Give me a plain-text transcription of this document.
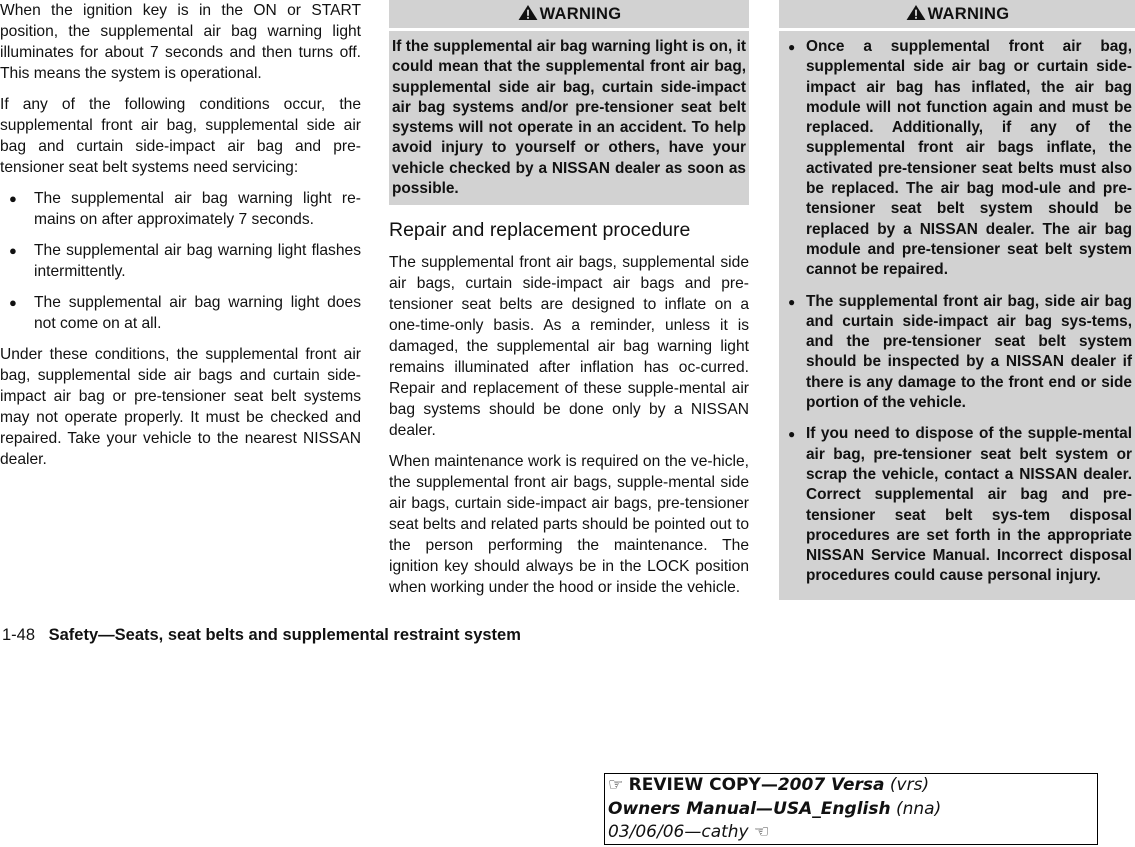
When the ignition key is in the ON or START position, the supplemental air bag warning light illuminates for about 7 seconds and then turns off. This means the system is operational.

If any of the following conditions occur, the supplemental front air bag, supplemental side air bag and curtain side-impact air bag and pre-tensioner seat belt systems need servicing:

● The supplemental air bag warning light re-mains on after approximately 7 seconds.
● The supplemental air bag warning light flashes intermittently.
● The supplemental air bag warning light does not come on at all.

Under these conditions, the supplemental front air bag, supplemental side air bags and curtain side-impact air bag or pre-tensioner seat belt systems may not operate properly. It must be checked and repaired. Take your vehicle to the nearest NISSAN dealer.

WARNING

If the supplemental air bag warning light is on, it could mean that the supplemental front air bag, supplemental side air bag, curtain side-impact air bag systems and/or pre-tensioner seat belt systems will not operate in an accident. To help avoid injury to yourself or others, have your vehicle checked by a NISSAN dealer as soon as possible.

Repair and replacement procedure

The supplemental front air bags, supplemental side air bags, curtain side-impact air bags and pre-tensioner seat belts are designed to inflate on a one-time-only basis. As a reminder, unless it is damaged, the supplemental air bag warning light remains illuminated after inflation has oc-curred. Repair and replacement of these supple-mental air bag systems should be done only by a NISSAN dealer.

When maintenance work is required on the ve-hicle, the supplemental front air bags, supple-mental side air bags, curtain side-impact air bags, pre-tensioner seat belts and related parts should be pointed out to the person performing the maintenance. The ignition key should always be in the LOCK position when working under the hood or inside the vehicle.

WARNING
● Once a supplemental front air bag, supplemental side air bag or curtain side-impact air bag has inflated, the air bag module will not function again and must be replaced. Additionally, if any of the supplemental front air bags inflate, the activated pre-tensioner seat belts must also be replaced. The air bag mod-ule and pre-tensioner seat belt system should be replaced by a NISSAN dealer. The air bag module and pre-tensioner seat belt system cannot be repaired.
● The supplemental front air bag, side air bag and curtain side-impact air bag sys-tems, and the pre-tensioner seat belt system should be inspected by a NISSAN dealer if there is any damage to the front end or side portion of the vehicle.
● If you need to dispose of the supple-mental air bag, pre-tensioner seat belt system or scrap the vehicle, contact a NISSAN dealer. Correct supplemental air bag and pre-tensioner seat belt sys-tem disposal procedures are set forth in the appropriate NISSAN Service Manual. Incorrect disposal procedures could cause personal injury.
1-48 Safety—Seats, seat belts and supplemental restraint system
☞ REVIEW COPY—2007 Versa (vrs)
Owners Manual—USA_English (nna)
03/06/06—cathy ☜
